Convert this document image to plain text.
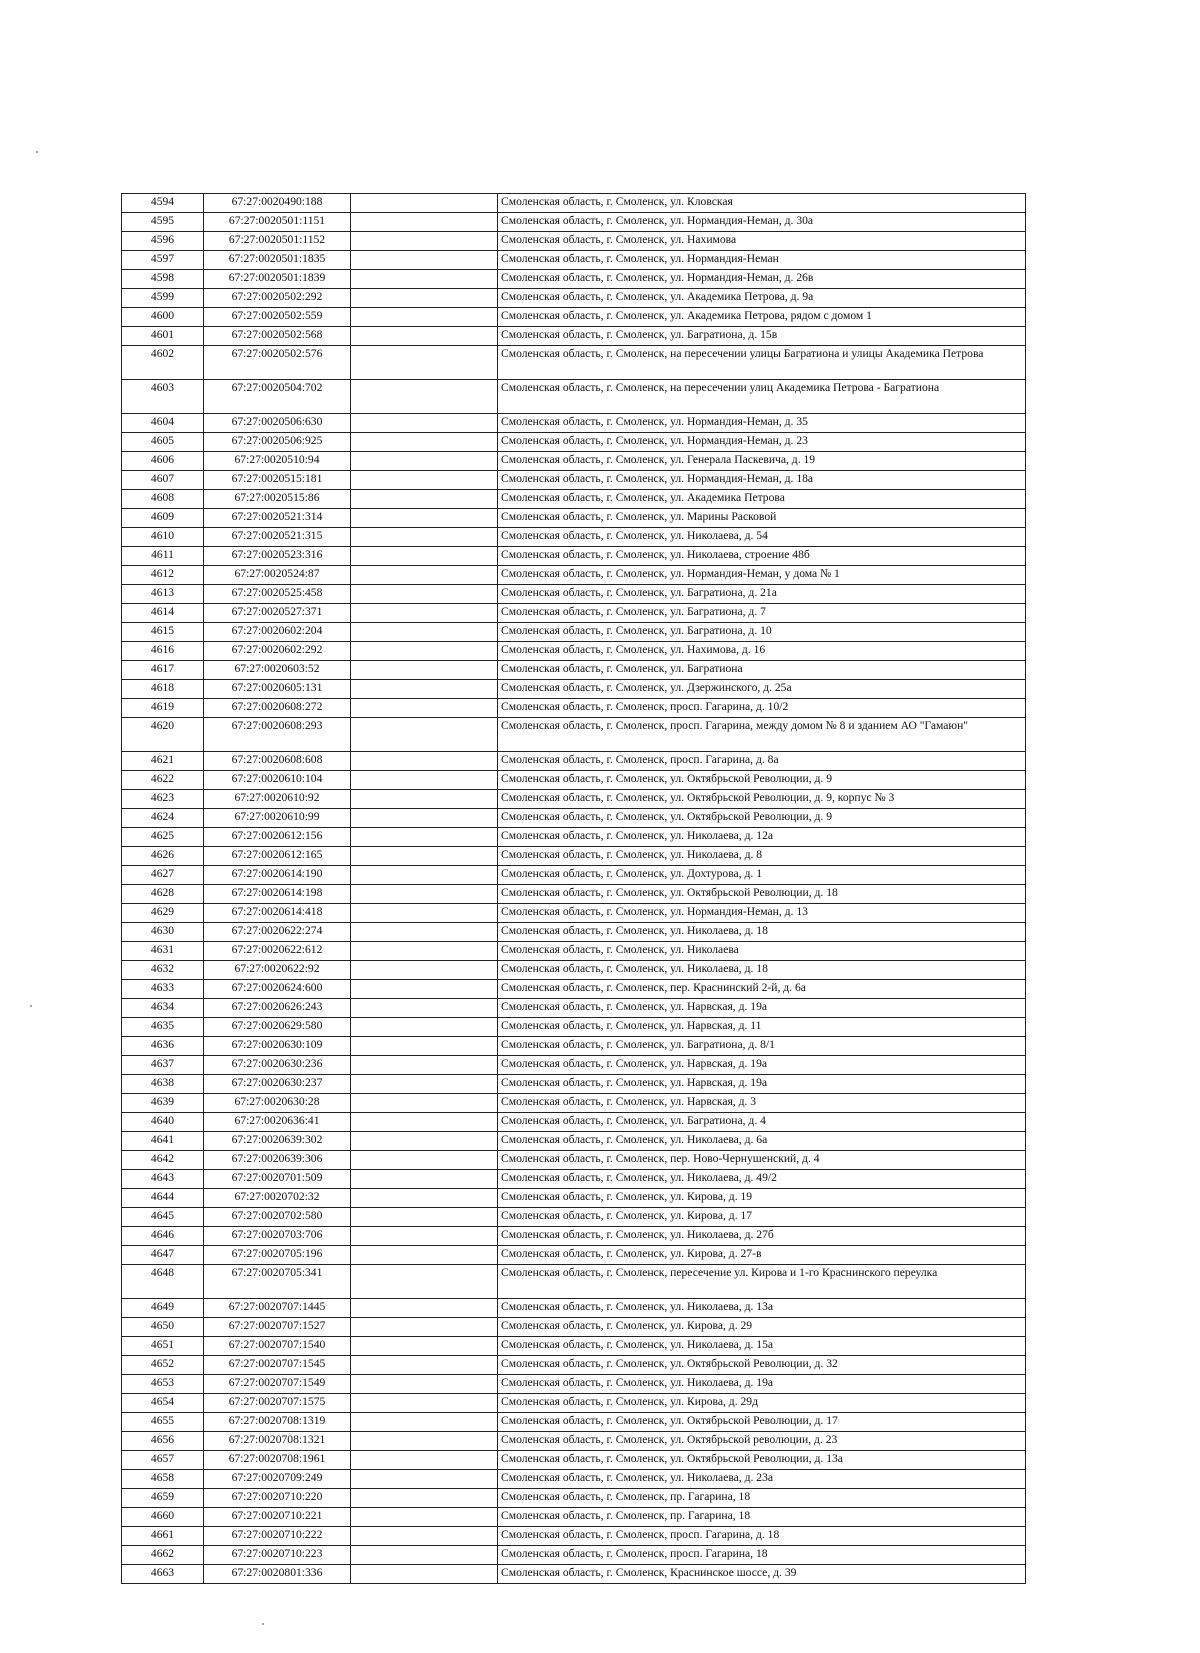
4594	67:27:0020490:188		Смоленская область, г. Смоленск, ул. Кловская
4595	67:27:0020501:1151		Смоленская область, г. Смоленск, ул. Нормандия-Неман, д. 30а
4596	67:27:0020501:1152		Смоленская область, г. Смоленск, ул. Нахимова
4597	67:27:0020501:1835		Смоленская область, г. Смоленск, ул. Нормандия-Неман
4598	67:27:0020501:1839		Смоленская область, г. Смоленск, ул. Нормандия-Неман, д. 26в
4599	67:27:0020502:292		Смоленская область, г. Смоленск, ул. Академика Петрова, д. 9а
4600	67:27:0020502:559		Смоленская область, г. Смоленск, ул. Академика Петрова, рядом с домом 1
4601	67:27:0020502:568		Смоленская область, г. Смоленск, ул. Багратиона, д. 15в
4602	67:27:0020502:576		Смоленская область, г. Смоленск, на пересечении улицы Багратиона и улицы Академика Петрова
4603	67:27:0020504:702		Смоленская область, г. Смоленск, на пересечении улиц Академика Петрова - Багратиона
4604	67:27:0020506:630		Смоленская область, г. Смоленск, ул. Нормандия-Неман, д. 35
4605	67:27:0020506:925		Смоленская область, г. Смоленск, ул. Нормандия-Неман, д. 23
4606	67:27:0020510:94		Смоленская область, г. Смоленск, ул. Генерала Паскевича, д. 19
4607	67:27:0020515:181		Смоленская область, г. Смоленск, ул. Нормандия-Неман, д. 18а
4608	67:27:0020515:86		Смоленская область, г. Смоленск, ул. Академика Петрова
4609	67:27:0020521:314		Смоленская область, г. Смоленск, ул. Марины Расковой
4610	67:27:0020521:315		Смоленская область, г. Смоленск, ул. Николаева, д. 54
4611	67:27:0020523:316		Смоленская область, г. Смоленск, ул. Николаева, строение 48б
4612	67:27:0020524:87		Смоленская область, г. Смоленск, ул. Нормандия-Неман, у дома № 1
4613	67:27:0020525:458		Смоленская область, г. Смоленск, ул. Багратиона, д. 21а
4614	67:27:0020527:371		Смоленская область, г. Смоленск, ул. Багратиона, д. 7
4615	67:27:0020602:204		Смоленская область, г. Смоленск, ул. Багратиона, д. 10
4616	67:27:0020602:292		Смоленская область, г. Смоленск, ул. Нахимова, д. 16
4617	67:27:0020603:52		Смоленская область, г. Смоленск, ул. Багратиона
4618	67:27:0020605:131		Смоленская область, г. Смоленск, ул. Дзержинского, д. 25а
4619	67:27:0020608:272		Смоленская область, г. Смоленск, просп. Гагарина, д. 10/2
4620	67:27:0020608:293		Смоленская область, г. Смоленск, просп. Гагарина, между домом № 8 и зданием АО "Гамаюн"
4621	67:27:0020608:608		Смоленская область, г. Смоленск, просп. Гагарина, д. 8а
4622	67:27:0020610:104		Смоленская область, г. Смоленск, ул. Октябрьской Революции, д. 9
4623	67:27:0020610:92		Смоленская область, г. Смоленск, ул. Октябрьской Революции, д. 9, корпус № 3
4624	67:27:0020610:99		Смоленская область, г. Смоленск, ул. Октябрьской Революции, д. 9
4625	67:27:0020612:156		Смоленская область, г. Смоленск, ул. Николаева, д. 12а
4626	67:27:0020612:165		Смоленская область, г. Смоленск, ул. Николаева, д. 8
4627	67:27:0020614:190		Смоленская область, г. Смоленск, ул. Дохтурова, д. 1
4628	67:27:0020614:198		Смоленская область, г. Смоленск, ул. Октябрьской Революции, д. 18
4629	67:27:0020614:418		Смоленская область, г. Смоленск, ул. Нормандия-Неман, д. 13
4630	67:27:0020622:274		Смоленская область, г. Смоленск, ул. Николаева, д. 18
4631	67:27:0020622:612		Смоленская область, г. Смоленск, ул. Николаева
4632	67:27:0020622:92		Смоленская область, г. Смоленск, ул. Николаева, д. 18
4633	67:27:0020624:600		Смоленская область, г. Смоленск, пер. Краснинский 2-й, д. 6а
4634	67:27:0020626:243		Смоленская область, г. Смоленск, ул. Нарвская, д. 19а
4635	67:27:0020629:580		Смоленская область, г. Смоленск, ул. Нарвская, д. 11
4636	67:27:0020630:109		Смоленская область, г. Смоленск, ул. Багратиона, д. 8/1
4637	67:27:0020630:236		Смоленская область, г. Смоленск, ул. Нарвская, д. 19а
4638	67:27:0020630:237		Смоленская область, г. Смоленск, ул. Нарвская, д. 19а
4639	67:27:0020630:28		Смоленская область, г. Смоленск, ул. Нарвская, д. 3
4640	67:27:0020636:41		Смоленская область, г. Смоленск, ул. Багратиона, д. 4
4641	67:27:0020639:302		Смоленская область, г. Смоленск, ул. Николаева, д. 6а
4642	67:27:0020639:306		Смоленская область, г. Смоленск, пер. Ново-Чернушенский, д. 4
4643	67:27:0020701:509		Смоленская область, г. Смоленск, ул. Николаева, д. 49/2
4644	67:27:0020702:32		Смоленская область, г. Смоленск, ул. Кирова, д. 19
4645	67:27:0020702:580		Смоленская область, г. Смоленск, ул. Кирова, д. 17
4646	67:27:0020703:706		Смоленская область, г. Смоленск, ул. Николаева, д. 27б
4647	67:27:0020705:196		Смоленская область, г. Смоленск, ул. Кирова, д. 27-в
4648	67:27:0020705:341		Смоленская область, г. Смоленск, пересечение ул. Кирова и 1-го Краснинского переулка
4649	67:27:0020707:1445		Смоленская область, г. Смоленск, ул. Николаева, д. 13а
4650	67:27:0020707:1527		Смоленская область, г. Смоленск, ул. Кирова, д. 29
4651	67:27:0020707:1540		Смоленская область, г. Смоленск, ул. Николаева, д. 15а
4652	67:27:0020707:1545		Смоленская область, г. Смоленск, ул. Октябрьской Революции, д. 32
4653	67:27:0020707:1549		Смоленская область, г. Смоленск, ул. Николаева, д. 19а
4654	67:27:0020707:1575		Смоленская область, г. Смоленск, ул. Кирова, д. 29д
4655	67:27:0020708:1319		Смоленская область, г. Смоленск, ул. Октябрьской Революции, д. 17
4656	67:27:0020708:1321		Смоленская область, г. Смоленск, ул. Октябрьской революции, д. 23
4657	67:27:0020708:1961		Смоленская область, г. Смоленск, ул. Октябрьской Революции, д. 13а
4658	67:27:0020709:249		Смоленская область, г. Смоленск, ул. Николаева, д. 23а
4659	67:27:0020710:220		Смоленская область, г. Смоленск, пр. Гагарина, 18
4660	67:27:0020710:221		Смоленская область, г. Смоленск, пр. Гагарина, 18
4661	67:27:0020710:222		Смоленская область, г. Смоленск, просп. Гагарина, д. 18
4662	67:27:0020710:223		Смоленская область, г. Смоленск, просп. Гагарина, 18
4663	67:27:0020801:336		Смоленская область, г. Смоленск, Краснинское шоссе, д. 39
